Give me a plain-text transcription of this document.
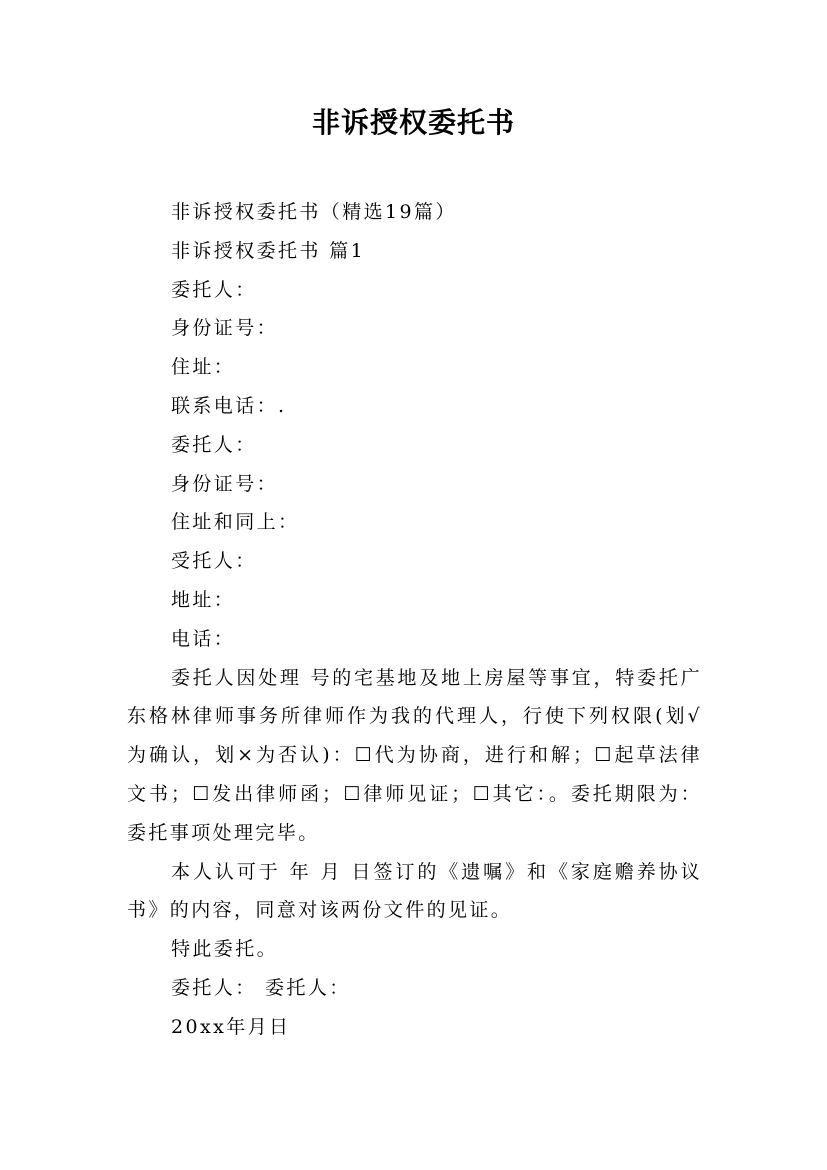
非诉授权委托书

非诉授权委托书（精选19篇）

非诉授权委托书 篇1

委托人：

身份证号：

住址：

联系电话：.

委托人：

身份证号：

住址和同上：

受托人：

地址：

电话：

委托人因处理 号的宅基地及地上房屋等事宜，特委托广东格林律师事务所律师作为我的代理人，行使下列权限(划√为确认，划×为否认)：☐代为协商，进行和解；☐起草法律文书；☐发出律师函；☐律师见证；☐其它：。委托期限为：委托事项处理完毕。

本人认可于 年 月 日签订的《遗嘱》和《家庭赡养协议书》的内容，同意对该两份文件的见证。

特此委托。

委托人： 委托人：

20xx年月日
